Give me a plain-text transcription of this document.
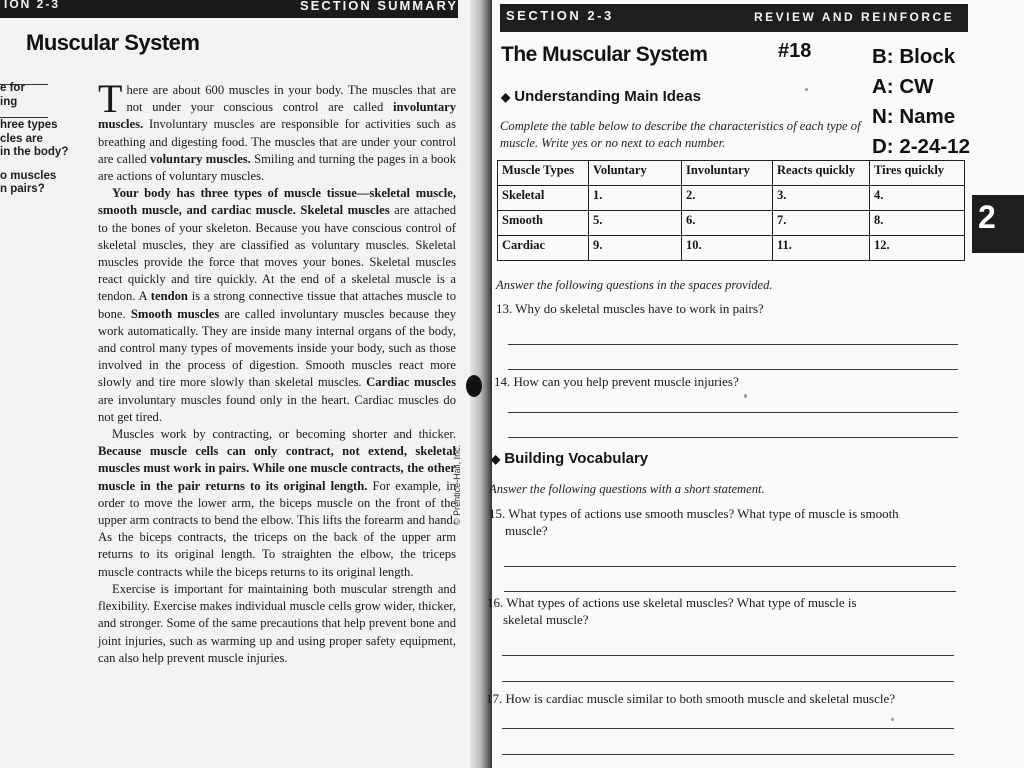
ION 2-3	SECTION SUMMARY
Muscular System
e for
ing
hree types
cles are
in the body?
o muscles
n pairs?

There are about 600 muscles in your body. The muscles that are not under your conscious control are called involuntary muscles. Involuntary muscles are responsible for activities such as breathing and digesting food. The muscles that are under your control are called voluntary muscles. Smiling and turning the pages in a book are actions of voluntary muscles.

Your body has three types of muscle tissue—skeletal muscle, smooth muscle, and cardiac muscle. Skeletal muscles are attached to the bones of your skeleton. Because you have conscious control of skeletal muscles, they are classified as voluntary muscles. Skeletal muscles provide the force that moves your bones. Skeletal muscles react quickly and tire quickly. At the end of a skeletal muscle is a tendon. A tendon is a strong connective tissue that attaches muscle to bone. Smooth muscles are called involuntary muscles because they work automatically. They are inside many internal organs of the body, and control many types of movements inside your body, such as those involved in the process of digestion. Smooth muscles react more slowly and tire more slowly than skeletal muscles. Cardiac muscles are involuntary muscles found only in the heart. Cardiac muscles do not get tired.

Muscles work by contracting, or becoming shorter and thicker. Because muscle cells can only contract, not extend, skeletal muscles must work in pairs. While one muscle contracts, the other muscle in the pair returns to its original length. For example, in order to move the lower arm, the biceps muscle on the front of the upper arm contracts to bend the elbow. This lifts the forearm and hand. As the biceps contracts, the triceps on the back of the upper arm returns to its original length. To straighten the elbow, the triceps muscle contracts while the biceps returns to its original length.

Exercise is important for maintaining both muscular strength and flexibility. Exercise makes individual muscle cells grow wider, thicker, and stronger. Some of the same precautions that help prevent bone and joint injuries, such as warming up and using proper safety equipment, can also help prevent muscle injuries.

© Prentice-Hall, Inc.
SECTION 2-3	REVIEW AND REINFORCE
2
The Muscular System	#18	B: Block
A: CW
N: Name
D: 2-24-12
◆ Understanding Main Ideas
Complete the table below to describe the characteristics of each type of muscle. Write yes or no next to each number.
Muscle Types	Voluntary	Involuntary	Reacts quickly	Tires quickly
Skeletal	1.	2.	3.	4.
Smooth	5.	6.	7.	8.
Cardiac	9.	10.	11.	12.
Answer the following questions in the spaces provided.
13. Why do skeletal muscles have to work in pairs?
14. How can you help prevent muscle injuries?
◆ Building Vocabulary
Answer the following questions with a short statement.
15. What types of actions use smooth muscles? What type of muscle is smooth muscle?
16. What types of actions use skeletal muscles? What type of muscle is skeletal muscle?
17. How is cardiac muscle similar to both smooth muscle and skeletal muscle?
